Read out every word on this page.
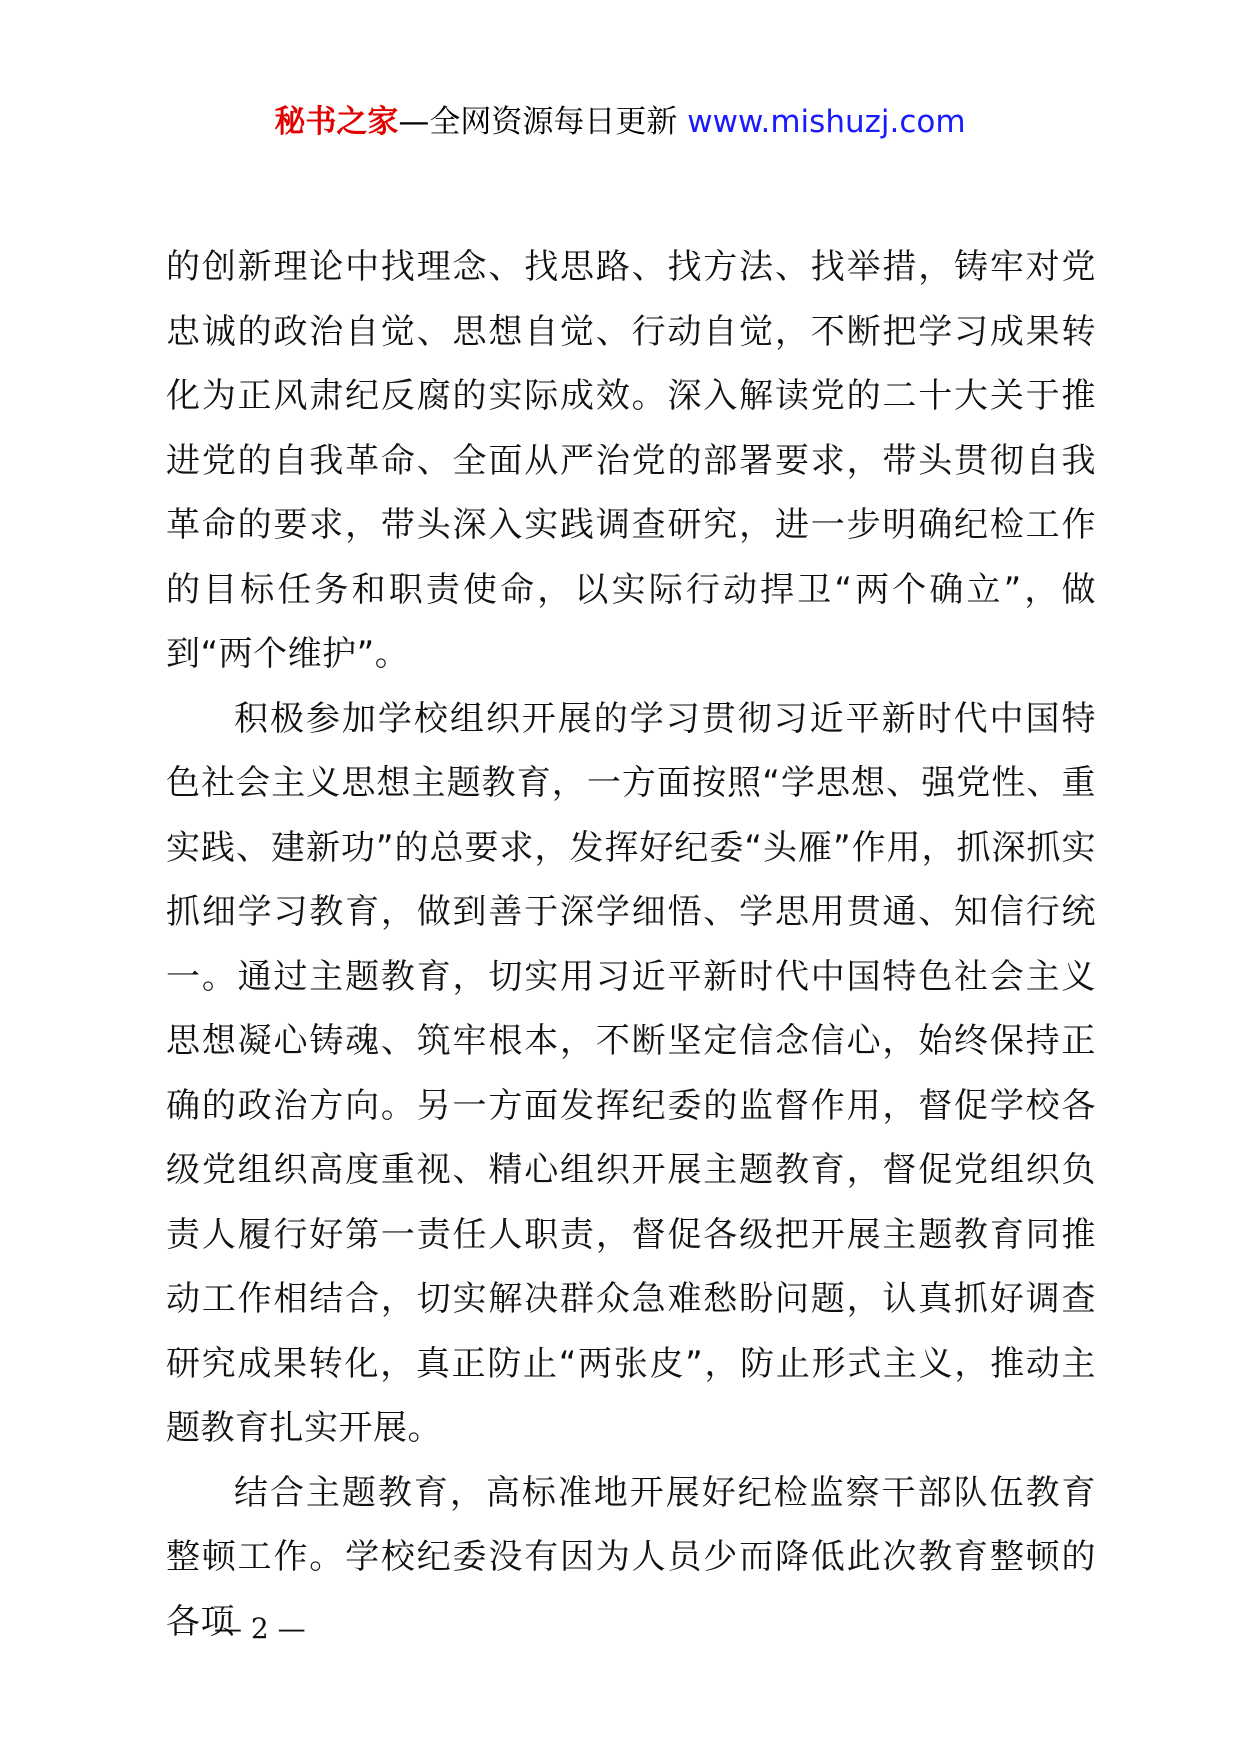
秘书之家—全网资源每日更新 www.mishuzj.com

的创新理论中找理念、找思路、找方法、找举措，铸牢对党忠诚的政治自觉、思想自觉、行动自觉，不断把学习成果转化为正风肃纪反腐的实际成效。深入解读党的二十大关于推进党的自我革命、全面从严治党的部署要求，带头贯彻自我革命的要求，带头深入实践调查研究，进一步明确纪检工作的目标任务和职责使命，以实际行动捍卫“两个确立”，做到“两个维护”。

积极参加学校组织开展的学习贯彻习近平新时代中国特色社会主义思想主题教育，一方面按照“学思想、强党性、重实践、建新功”的总要求，发挥好纪委“头雁”作用，抓深抓实抓细学习教育，做到善于深学细悟、学思用贯通、知信行统一。通过主题教育，切实用习近平新时代中国特色社会主义思想凝心铸魂、筑牢根本，不断坚定信念信心，始终保持正确的政治方向。另一方面发挥纪委的监督作用，督促学校各级党组织高度重视、精心组织开展主题教育，督促党组织负责人履行好第一责任人职责，督促各级把开展主题教育同推动工作相结合，切实解决群众急难愁盼问题，认真抓好调查研究成果转化，真正防止“两张皮”，防止形式主义，推动主题教育扎实开展。

结合主题教育，高标准地开展好纪检监察干部队伍教育整顿工作。学校纪委没有因为人员少而降低此次教育整顿的各项

— 2 —
